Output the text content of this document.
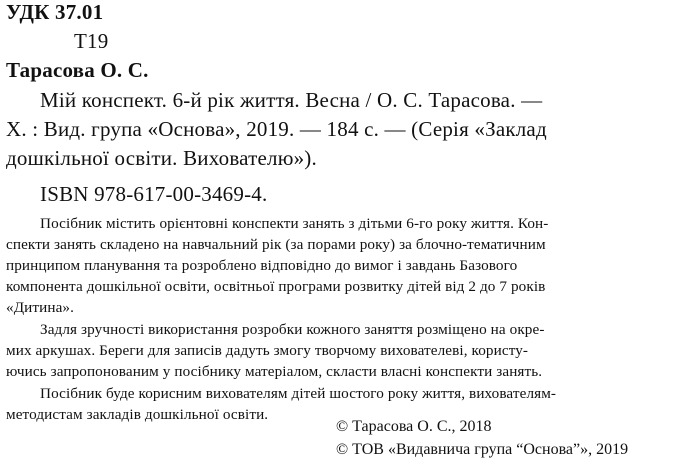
УДК 37.01
Т19
Тарасова О. С.
Мій конспект. 6-й рік життя. Весна / О. С. Тарасова. —
Х. : Вид. група «Основа», 2019. — 184 с. — (Серія «Заклад
дошкільної освіти. Вихователю»).
ISBN 978-617-00-3469-4.
Посібник містить орієнтовні конспекти занять з дітьми 6-го року життя. Кон-
спекти занять складено на навчальний рік (за порами року) за блочно-тематичним
принципом планування та розроблено відповідно до вимог і завдань Базового
компонента дошкільної освіти, освітньої програми розвитку дітей від 2 до 7 років
«Дитина».
Задля зручності використання розробки кожного заняття розміщено на окре-
мих аркушах. Береги для записів дадуть змогу творчому вихователеві, користу-
ючись запропонованим у посібнику матеріалом, скласти власні конспекти занять.
Посібник буде корисним вихователям дітей шостого року життя, вихователям-
методистам закладів дошкільної освіти.
© Тарасова О. С., 2018
© ТОВ «Видавнича група “Основа”», 2019
